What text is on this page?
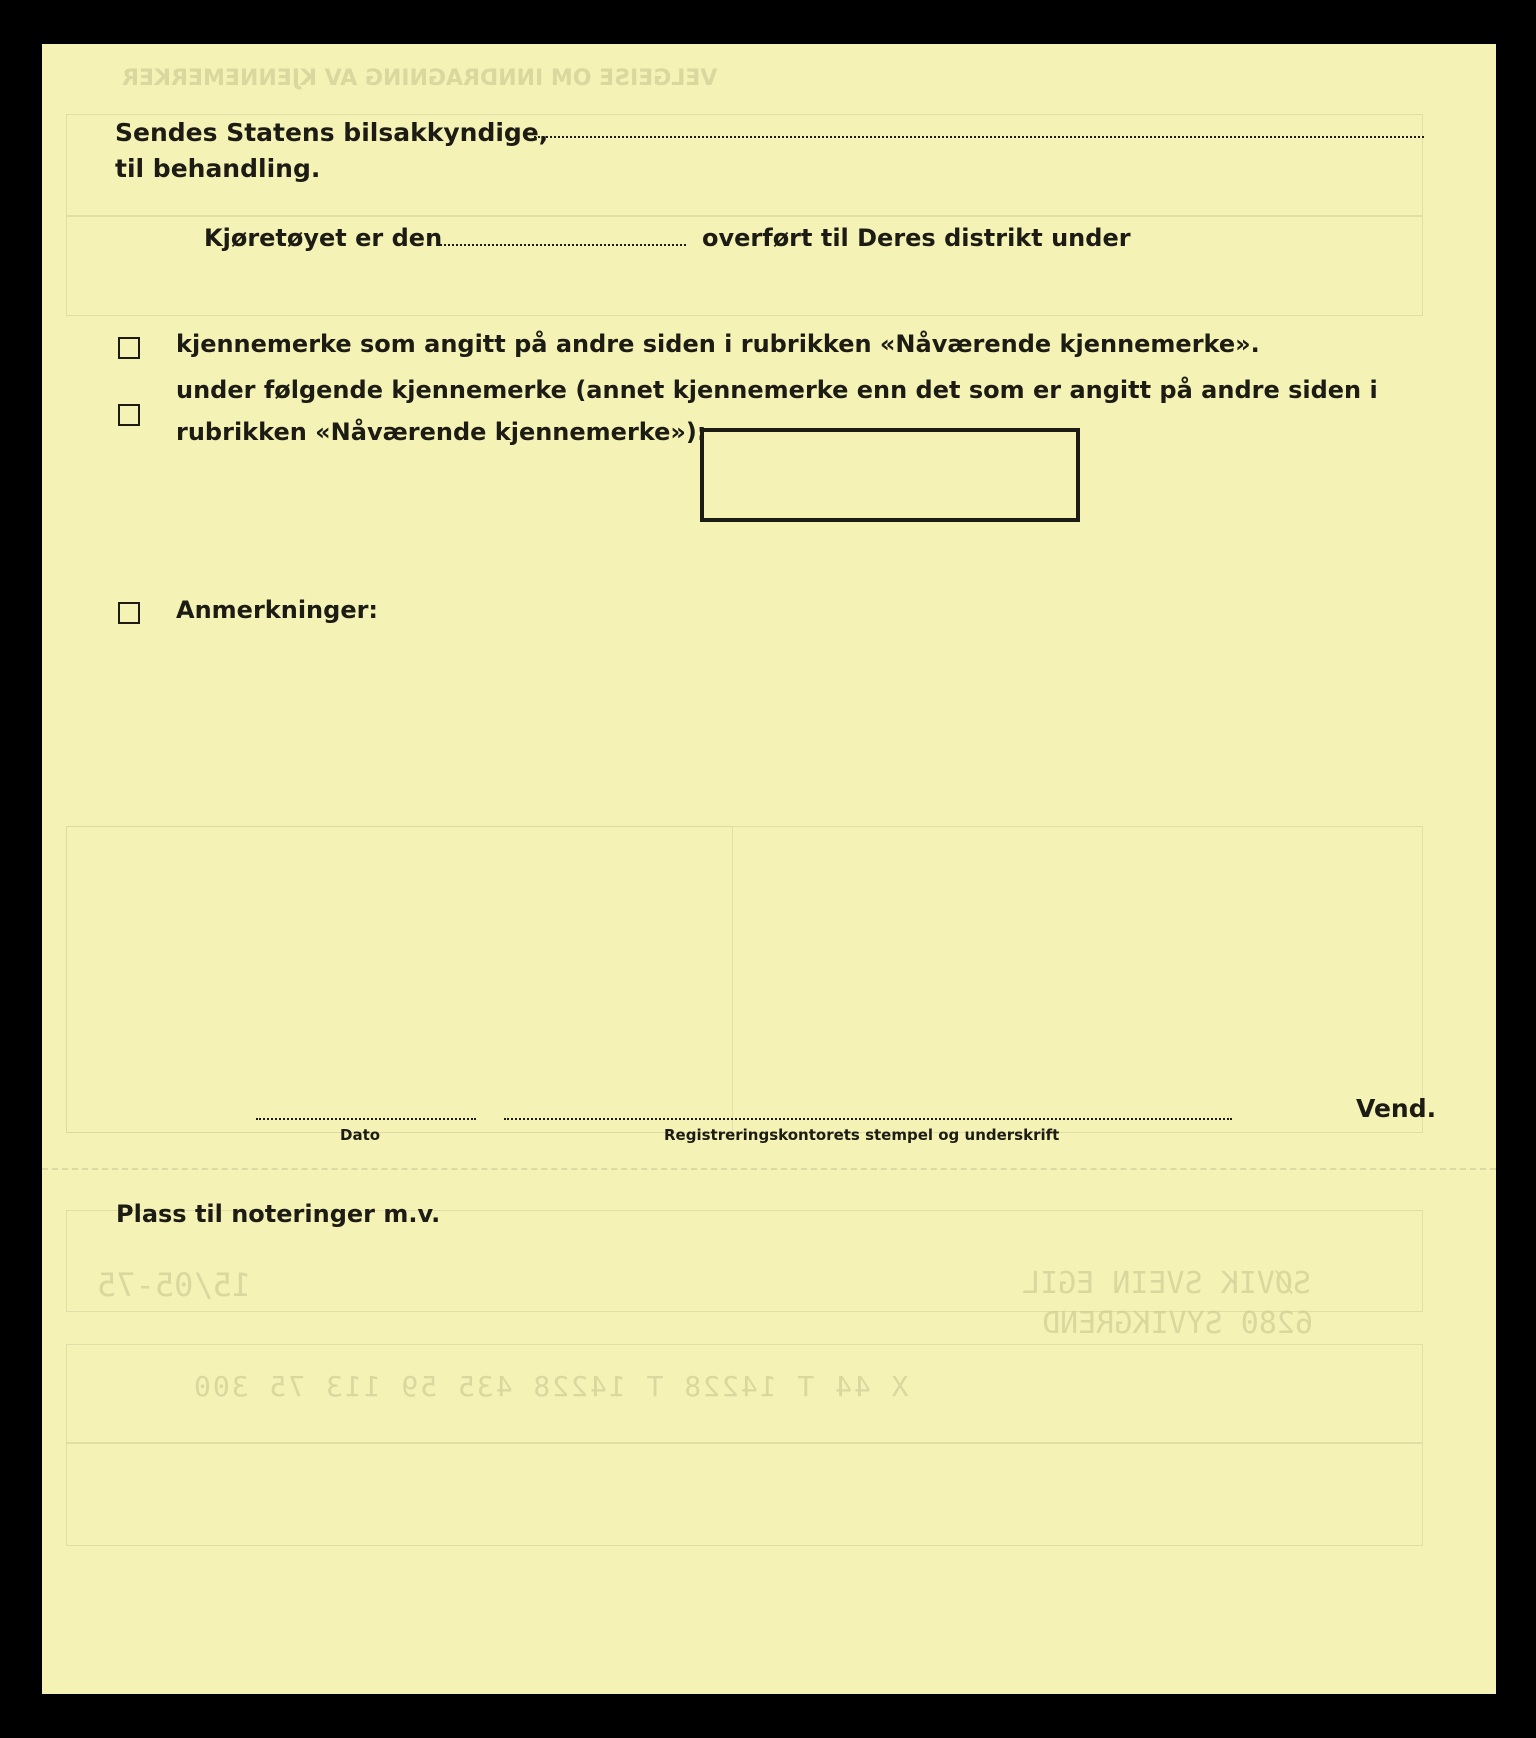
VELGEISE OM INNDRAGNING AV KJENNEMERKER
SØVIK SVEIN EGIL
6280 SYVIKGREND
15/05-75
X 44 T 14228 T 14228 435 59 113 75 300
Sendes Statens bilsakkyndige,
til behandling.
Kjøretøyet er den	overført til Deres distrikt under
kjennemerke som angitt på andre siden i rubrikken «Nåværende kjennemerke».
under følgende kjennemerke (annet kjennemerke enn det som er angitt på andre siden i
rubrikken «Nåværende kjennemerke»):
Anmerkninger:
Vend.
Dato	Registreringskontorets stempel og underskrift
Plass til noteringer m.v.
